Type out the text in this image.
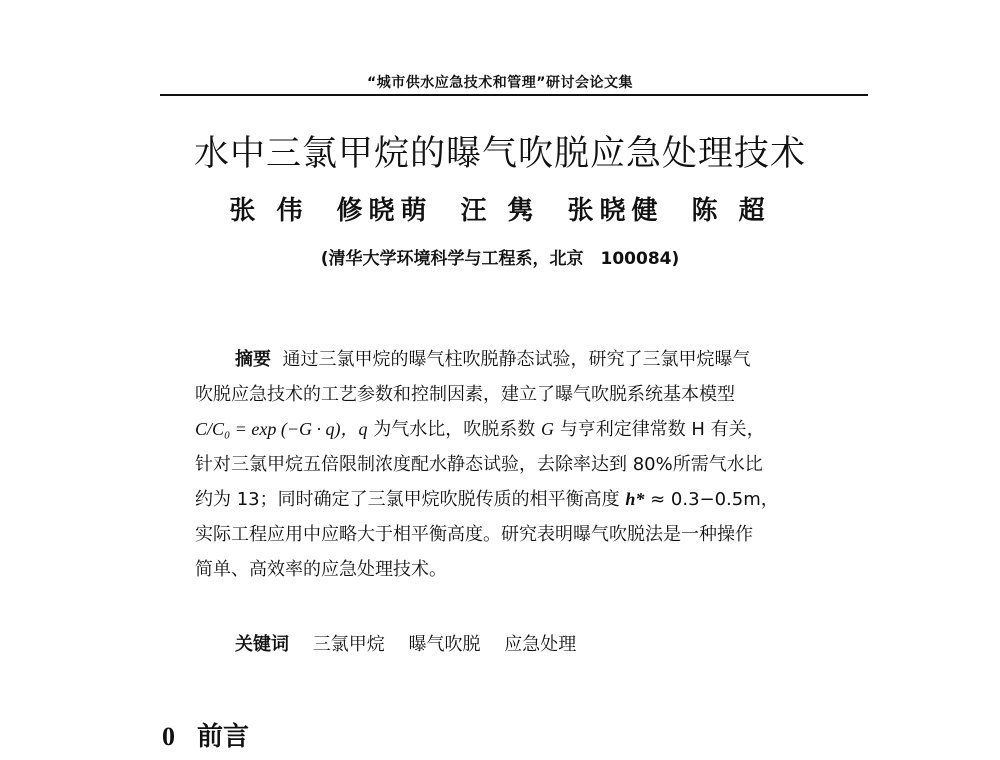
“城市供水应急技术和管理”研讨会论文集
水中三氯甲烷的曝气吹脱应急处理技术
张 伟 修晓萌 汪 隽 张晓健 陈 超
(清华大学环境科学与工程系，北京　100084)
摘要 通过三氯甲烷的曝气柱吹脱静态试验，研究了三氯甲烷曝气
吹脱应急技术的工艺参数和控制因素，建立了曝气吹脱系统基本模型
C/C₀ = exp (−G · q)，q 为气水比，吹脱系数 G 与亨利定律常数 H 有关，
针对三氯甲烷五倍限制浓度配水静态试验，去除率达到 80%所需气水比
约为 13；同时确定了三氯甲烷吹脱传质的相平衡高度 h* ≈ 0.3−0.5m，
实际工程应用中应略大于相平衡高度。研究表明曝气吹脱法是一种操作
简单、高效率的应急处理技术。
关键词 三氯甲烷 曝气吹脱 应急处理
0 前言
